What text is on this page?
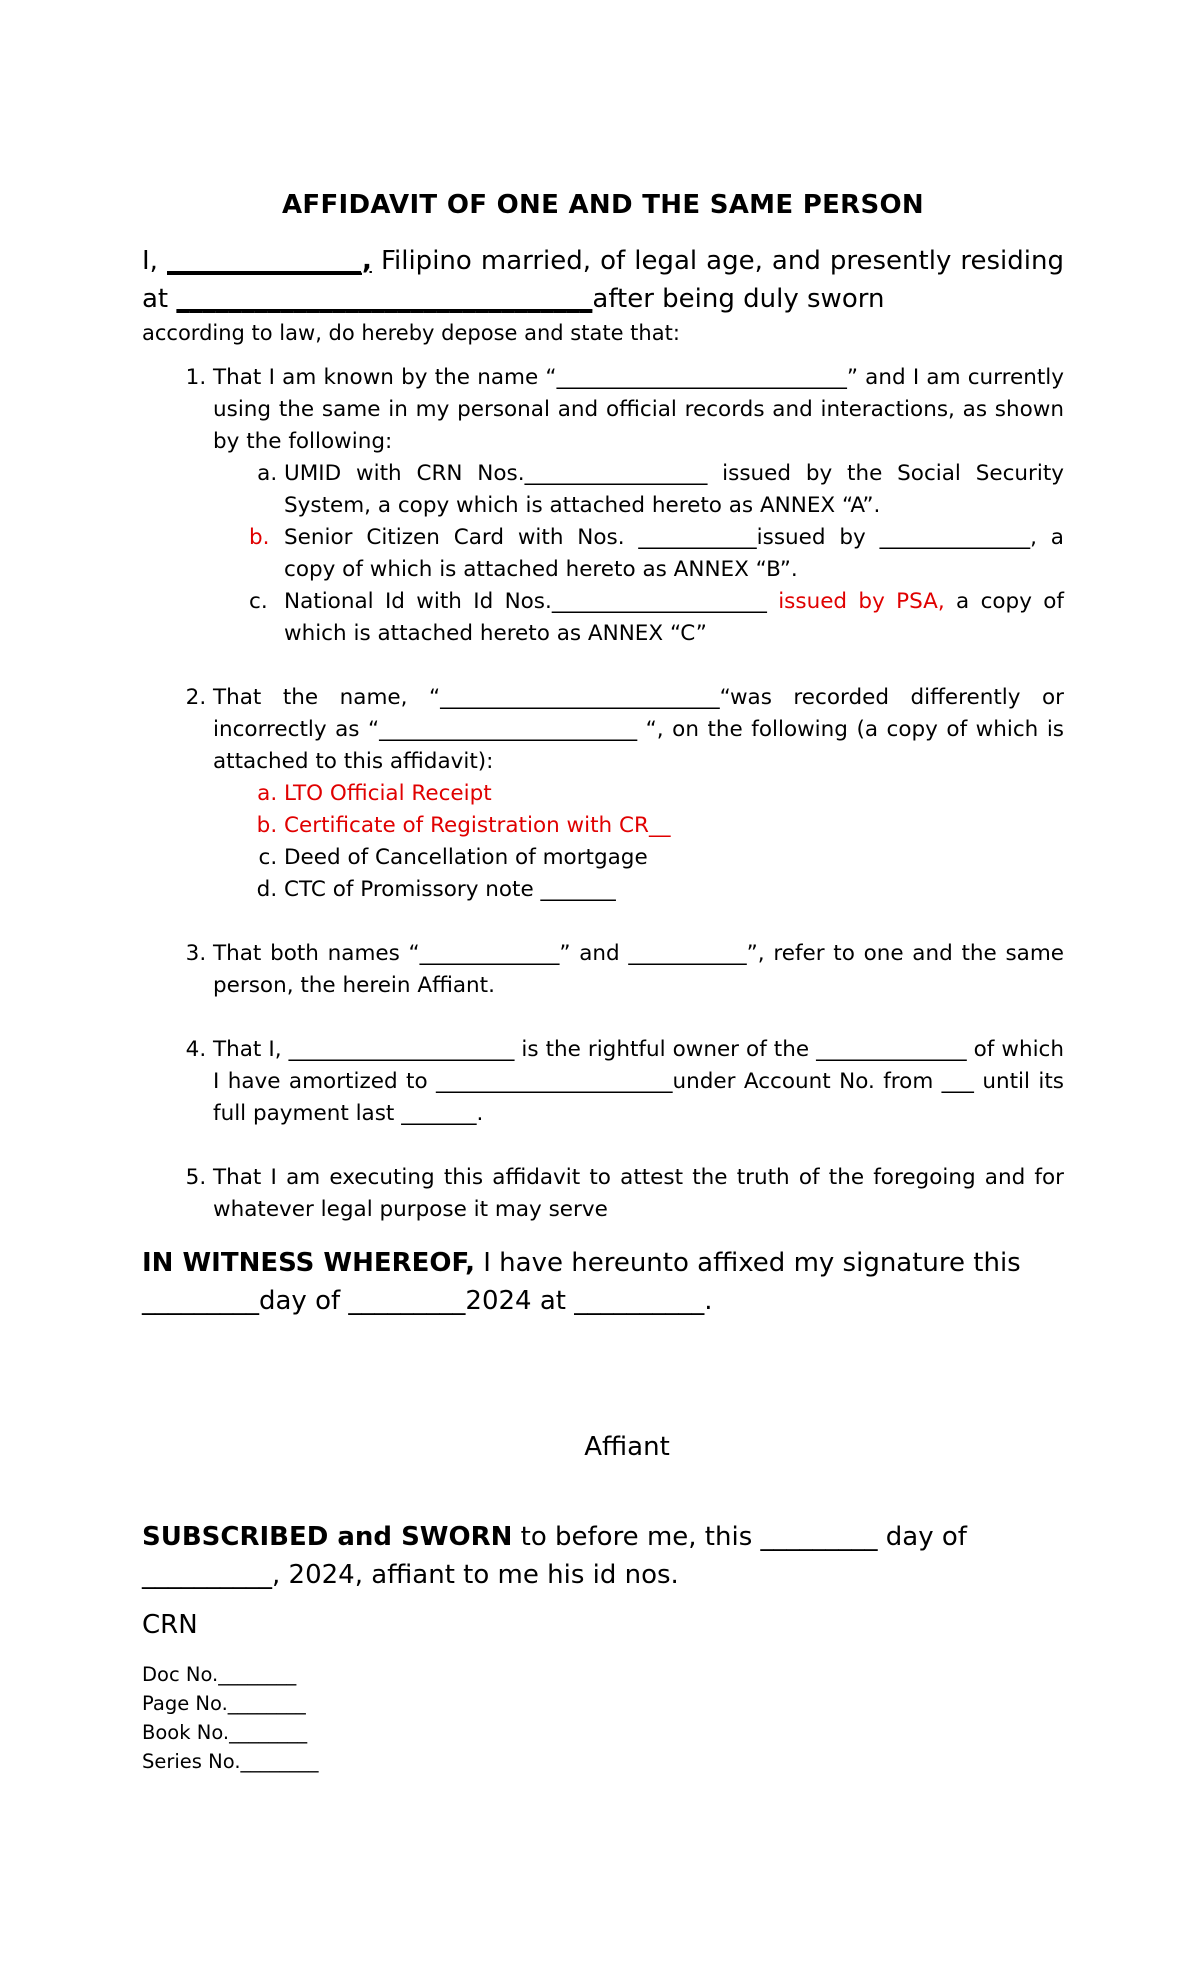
AFFIDAVIT OF ONE AND THE SAME PERSON

I, _______________, Filipino married, of legal age, and presently residing at ________________________________after being duly sworn

according to law, do hereby depose and state that:

1. That I am known by the name “___________________________” and I am currently using the same in my personal and official records and interactions, as shown by the following:
a. UMID with CRN Nos._________________ issued by the Social Security System, a copy which is attached hereto as ANNEX “A”.
b. Senior Citizen Card with Nos. ___________issued by ______________, a copy of which is attached hereto as ANNEX “B”.
c. National Id with Id Nos.____________________ issued by PSA, a copy of which is attached hereto as ANNEX “C”
2. That the name, “__________________________“was recorded differently or incorrectly as “________________________ “, on the following (a copy of which is attached to this affidavit):
a. LTO Official Receipt
b. Certificate of Registration with CR__
c. Deed of Cancellation of mortgage
d. CTC of Promissory note _______
3. That both names “_____________” and ___________”, refer to one and the same person, the herein Affiant.
4. That I, _____________________ is the rightful owner of the ______________ of which I have amortized to ______________________under Account No. from ___ until its full payment last _______.
5. That I am executing this affidavit to attest the truth of the foregoing and for whatever legal purpose it may serve

IN WITNESS WHEREOF, I have hereunto affixed my signature this _________day of _________2024 at __________.

Affiant

SUBSCRIBED and SWORN to before me, this _________ day of __________, 2024, affiant to me his id nos.

CRN

Doc No.________
Page No.________
Book No.________
Series No.________
